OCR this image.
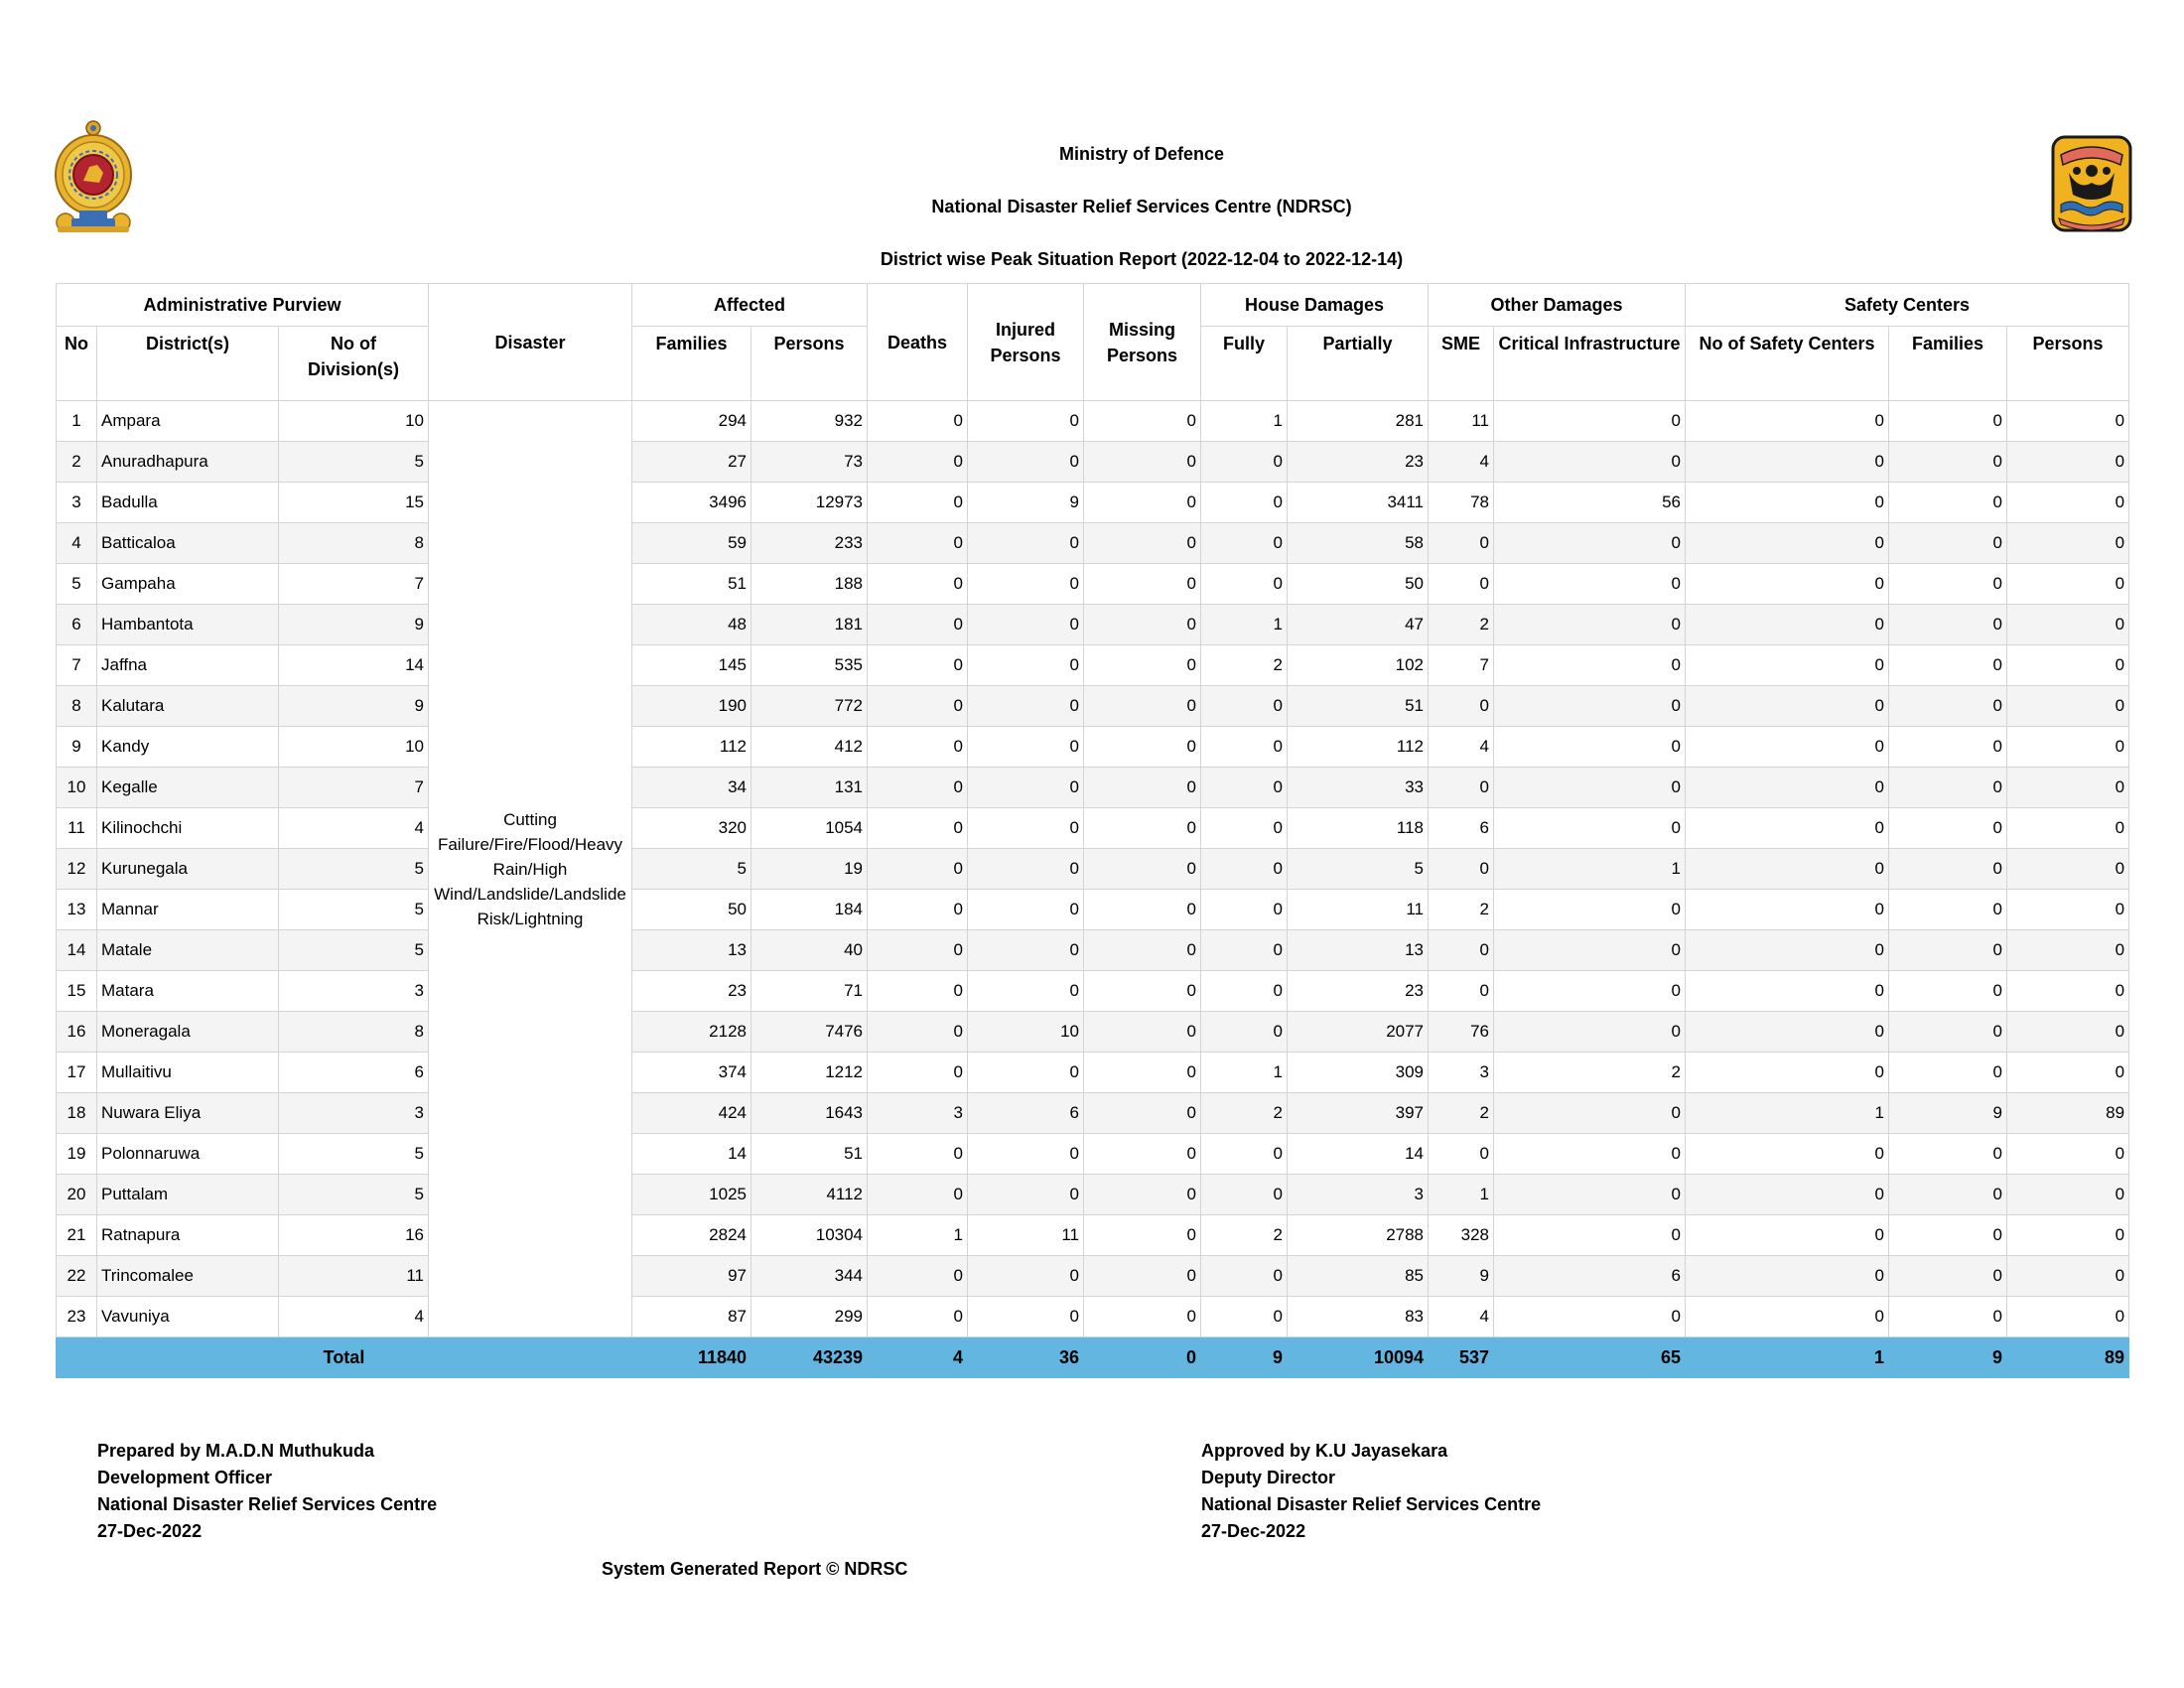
Ministry of Defence
National Disaster Relief Services Centre (NDRSC)
District wise Peak Situation Report (2022-12-04 to 2022-12-14)
Administrative Purview			Disaster	Affected		Deaths	Injured Persons	Missing Persons	House Damages		Other Damages		Safety Centers		
No	District(s)	No of Division(s)		Families	Persons				Fully	Partially	SME	Critical Infrastructure	No of Safety Centers	Families	Persons
1	Ampara	10	Cutting Failure/Fire/Flood/Heavy Rain/High Wind/Landslide/Landslide Risk/Lightning	294	932	0	0	0	1	281	11	0	0	0	0
2	Anuradhapura	5		27	73	0	0	0	0	23	4	0	0	0	0
3	Badulla	15		3496	12973	0	9	0	0	3411	78	56	0	0	0
4	Batticaloa	8		59	233	0	0	0	0	58	0	0	0	0	0
5	Gampaha	7		51	188	0	0	0	0	50	0	0	0	0	0
6	Hambantota	9		48	181	0	0	0	1	47	2	0	0	0	0
7	Jaffna	14		145	535	0	0	0	2	102	7	0	0	0	0
8	Kalutara	9		190	772	0	0	0	0	51	0	0	0	0	0
9	Kandy	10		112	412	0	0	0	0	112	4	0	0	0	0
10	Kegalle	7		34	131	0	0	0	0	33	0	0	0	0	0
11	Kilinochchi	4		320	1054	0	0	0	0	118	6	0	0	0	0
12	Kurunegala	5		5	19	0	0	0	0	5	0	1	0	0	0
13	Mannar	5		50	184	0	0	0	0	11	2	0	0	0	0
14	Matale	5		13	40	0	0	0	0	13	0	0	0	0	0
15	Matara	3		23	71	0	0	0	0	23	0	0	0	0	0
16	Moneragala	8		2128	7476	0	10	0	0	2077	76	0	0	0	0
17	Mullaitivu	6		374	1212	0	0	0	1	309	3	2	0	0	0
18	Nuwara Eliya	3		424	1643	3	6	0	2	397	2	0	1	9	89
19	Polonnaruwa	5		14	51	0	0	0	0	14	0	0	0	0	0
20	Puttalam	5		1025	4112	0	0	0	0	3	1	0	0	0	0
21	Ratnapura	16		2824	10304	1	11	0	2	2788	328	0	0	0	0
22	Trincomalee	11		97	344	0	0	0	0	85	9	6	0	0	0
23	Vavuniya	4		87	299	0	0	0	0	83	4	0	0	0	0
Total				11840	43239	4	36	0	9	10094	537	65	1	9	89
Prepared by M.A.D.N Muthukuda
Development Officer
National Disaster Relief Services Centre
27-Dec-2022
Approved by K.U Jayasekara
Deputy Director
National Disaster Relief Services Centre
27-Dec-2022
System Generated Report © NDRSC
